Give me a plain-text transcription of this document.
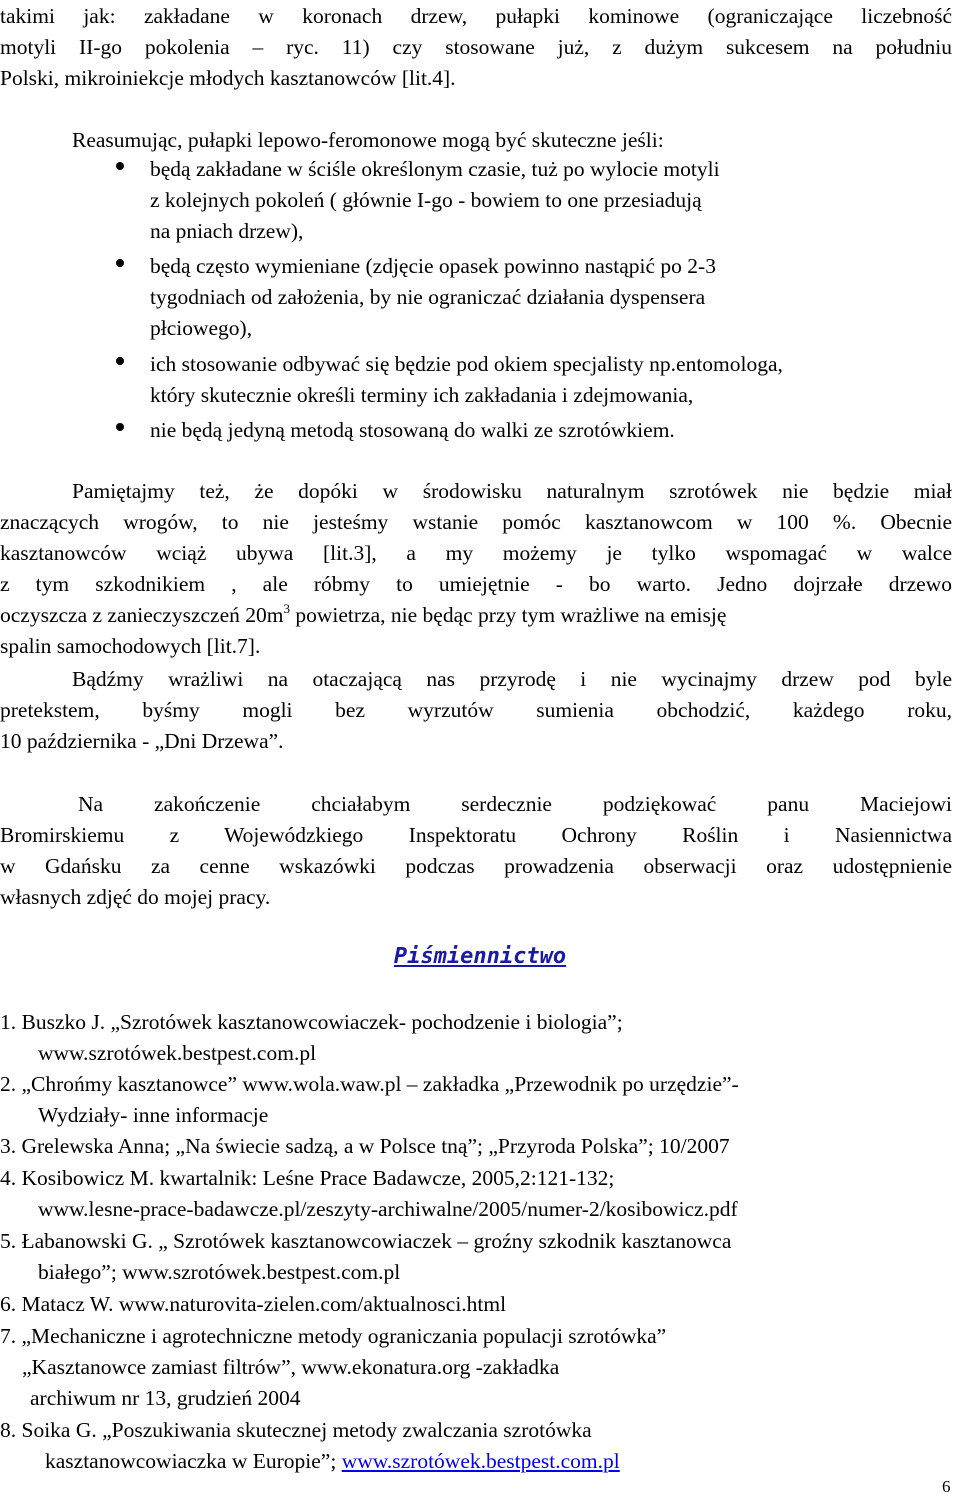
takimi jak: zakładane w koronach drzew, pułapki kominowe (ograniczające liczebność
motyli II-go pokolenia – ryc. 11) czy stosowane już, z dużym sukcesem na południu
Polski, mikroiniekcje młodych kasztanowców [lit.4].
Reasumując, pułapki lepowo-feromonowe mogą być skuteczne jeśli:
będą zakładane w ściśle określonym czasie, tuż po wylocie motyli
z kolejnych pokoleń ( głównie I-go - bowiem to one przesiadują
na pniach drzew),
będą często wymieniane (zdjęcie opasek powinno nastąpić po 2-3
tygodniach od założenia, by nie ograniczać działania dyspensera
płciowego),
ich stosowanie odbywać się będzie pod okiem specjalisty np.entomologa,
który skutecznie określi terminy ich zakładania i zdejmowania,
nie będą jedyną metodą stosowaną do walki ze szrotówkiem.
Pamiętajmy też, że dopóki w środowisku naturalnym szrotówek nie będzie miał
znaczących wrogów, to nie jesteśmy wstanie pomóc kasztanowcom w 100 %. Obecnie
kasztanowców wciąż ubywa [lit.3], a my możemy je tylko wspomagać w walce
z tym szkodnikiem , ale róbmy to umiejętnie - bo warto. Jedno dojrzałe drzewo
oczyszcza z zanieczyszczeń $20m^3$ powietrza, nie będąc przy tym wrażliwe na emisję
spalin samochodowych [lit.7].
Bądźmy wrażliwi na otaczającą nas przyrodę i nie wycinajmy drzew pod byle
pretekstem, byśmy mogli bez wyrzutów sumienia obchodzić, każdego roku,
10 października - „Dni Drzewa”.
Na zakończenie chciałabym serdecznie podziękować panu Maciejowi
Bromirskiemu z Wojewódzkiego Inspektoratu Ochrony Roślin i Nasiennictwa
w Gdańsku za cenne wskazówki podczas prowadzenia obserwacji oraz udostępnienie
własnych zdjęć do mojej pracy.
Piśmiennictwo
1. Buszko J. „Szrotówek kasztanowcowiaczek- pochodzenie i biologia”;
www.szrotówek.bestpest.com.pl
2. „Chrońmy kasztanowce” www.wola.waw.pl – zakładka „Przewodnik po urzędzie”-
Wydziały- inne informacje
3. Grelewska Anna; „Na świecie sadzą, a w Polsce tną”; „Przyroda Polska”; 10/2007
4. Kosibowicz M. kwartalnik: Leśne Prace Badawcze, 2005,2:121-132;
www.lesne-prace-badawcze.pl/zeszyty-archiwalne/2005/numer-2/kosibowicz.pdf
5. Łabanowski G. „ Szrotówek kasztanowcowiaczek – groźny szkodnik kasztanowca
białego”; www.szrotówek.bestpest.com.pl
6. Matacz W. www.naturovita-zielen.com/aktualnosci.html
7. „Mechaniczne i agrotechniczne metody ograniczania populacji szrotówka”
„Kasztanowce zamiast filtrów”, www.ekonatura.org -zakładka
archiwum nr 13, grudzień 2004
8. Soika G. „Poszukiwania skutecznej metody zwalczania szrotówka
kasztanowcowiaczka w Europie”; www.szrotówek.bestpest.com.pl
6
